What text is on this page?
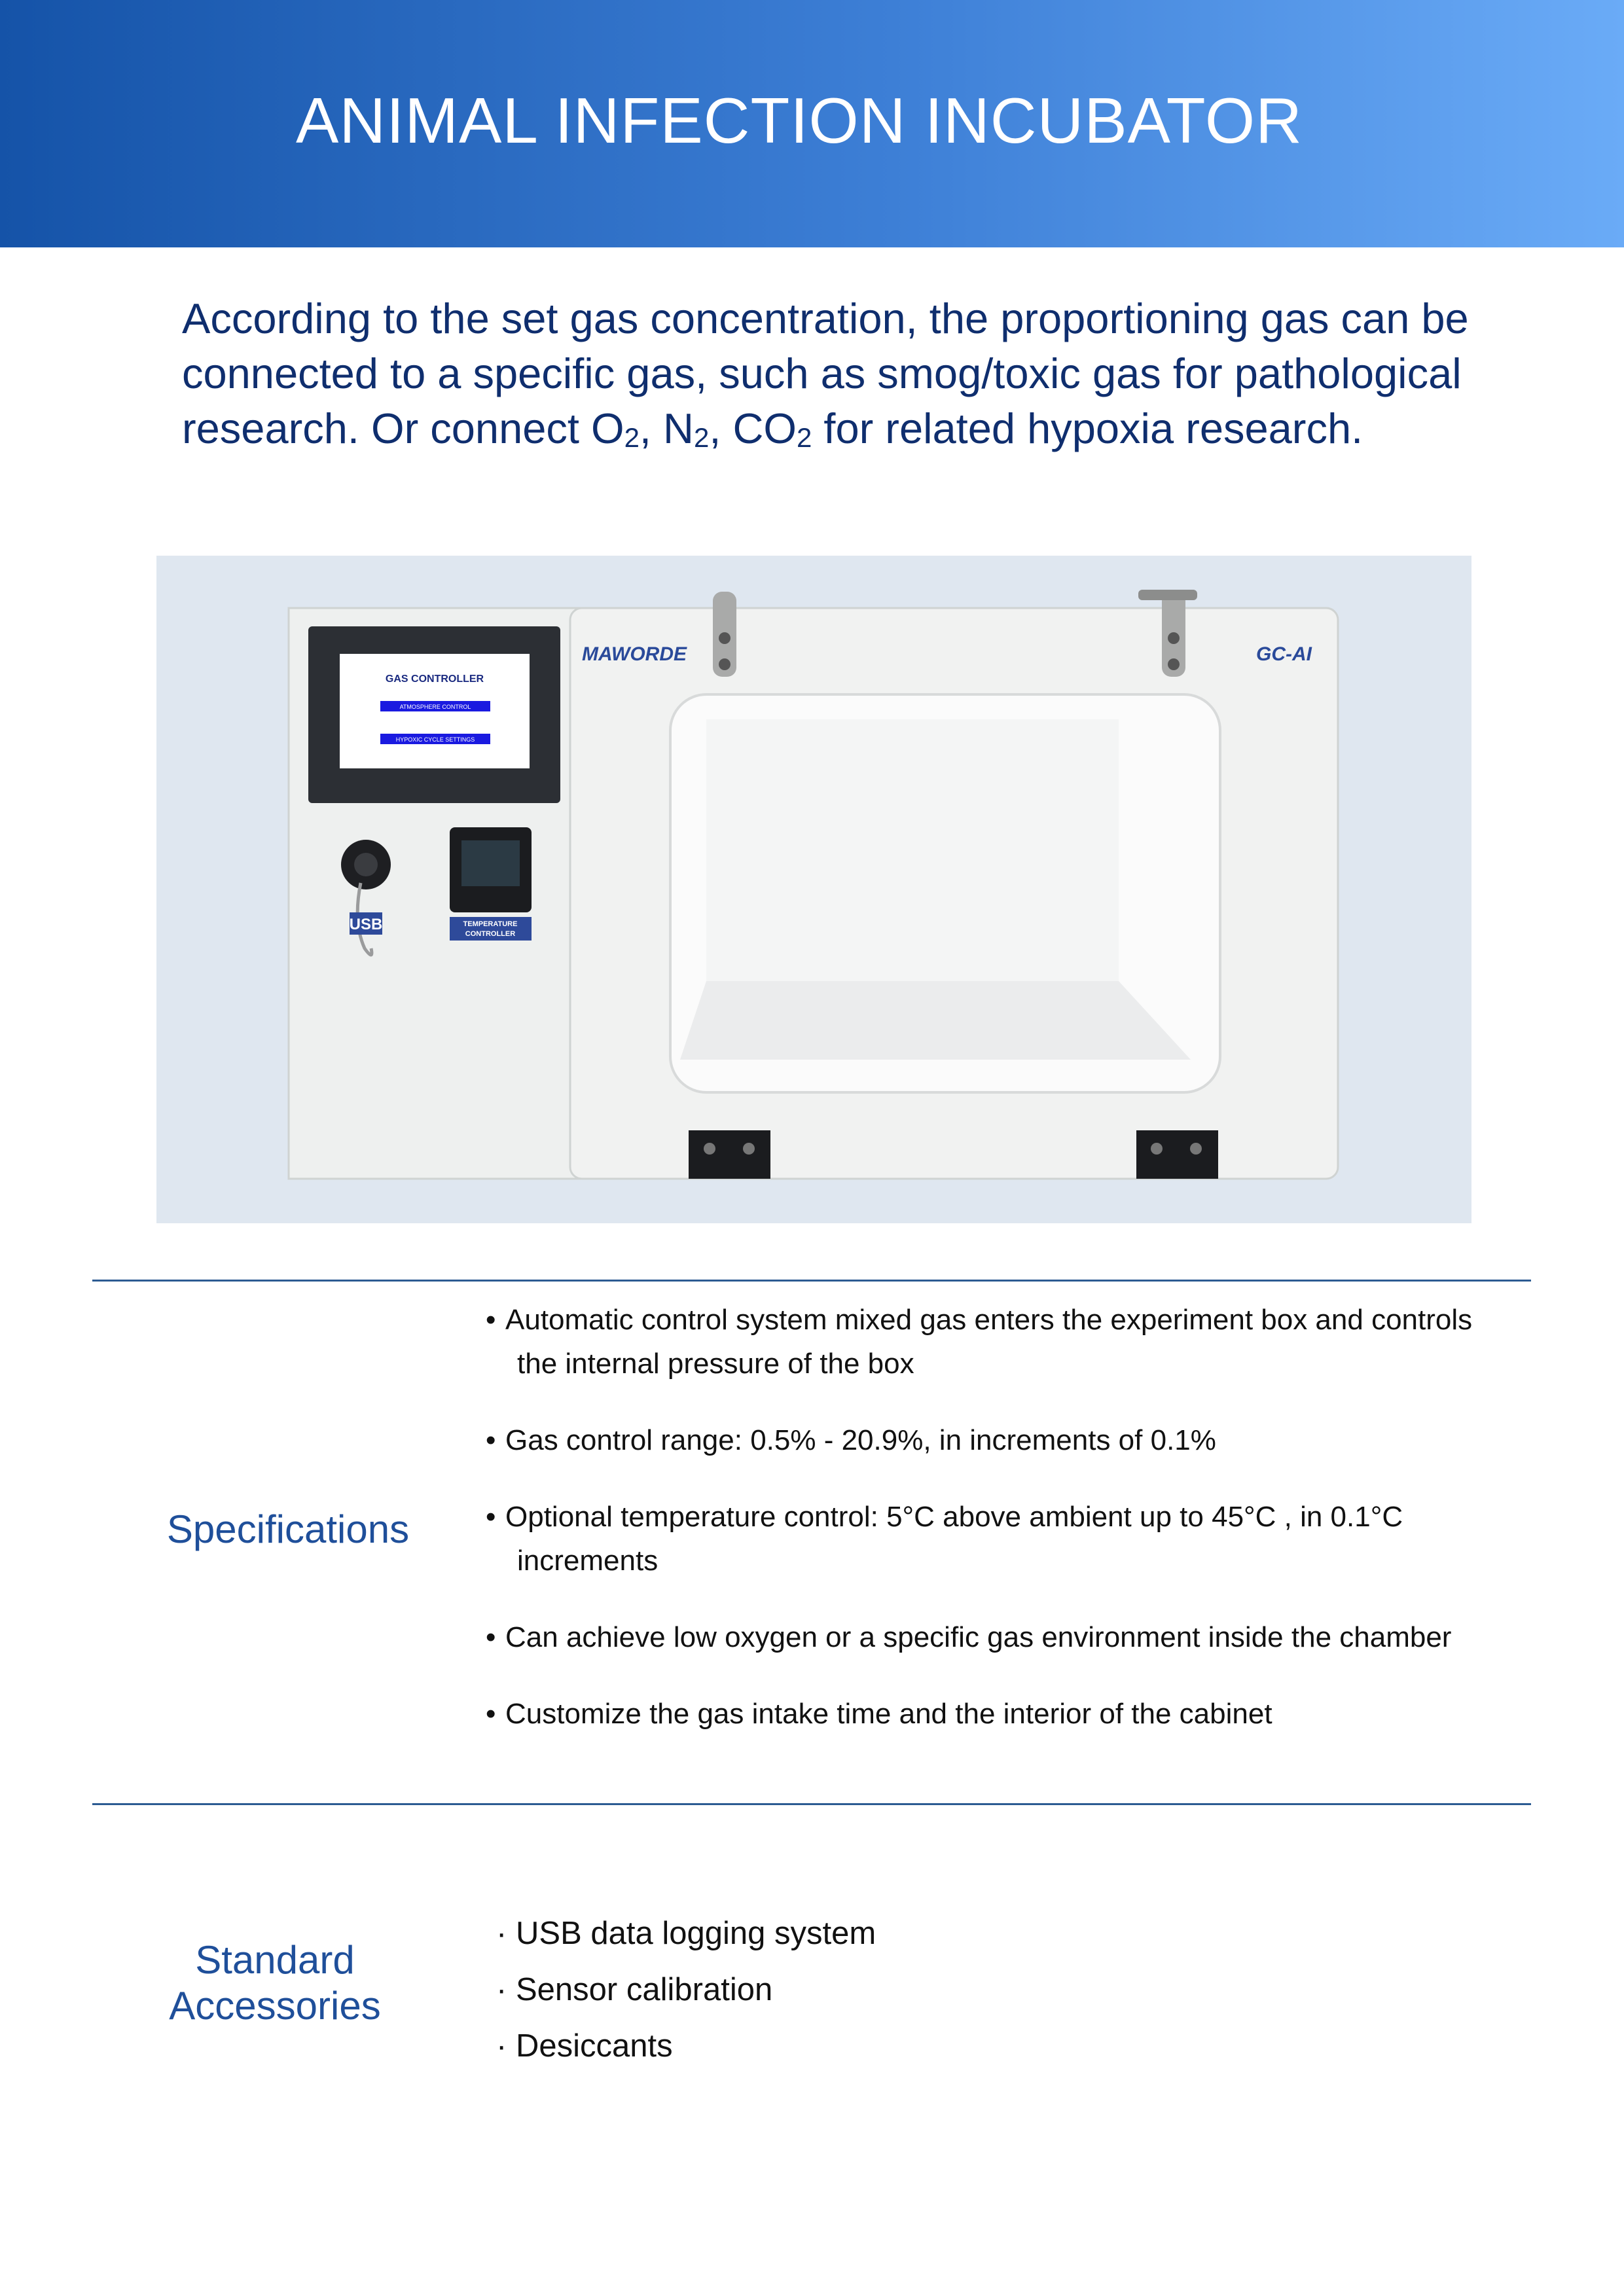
ANIMAL INFECTION INCUBATOR

According to the set gas concentration, the proportioning gas can be connected to a specific gas, such as smog/toxic gas for pathological research. Or connect $O_2$, $N_2$, $CO_2$ for related hypoxia research.

MAWORDE	GC-AI
GAS CONTROLLER
ATMOSPHERE CONTROL
HYPOXIC CYCLE SETTINGS
USB	TEMPERATURE
CONTROLLER
Specifications
• Automatic control system mixed gas enters the experiment box and controls the internal pressure of the box
• Gas control range: 0.5% - 20.9%, in increments of 0.1%
• Optional temperature control: 5°C above ambient up to 45°C , in 0.1°C increments
• Can achieve low oxygen or a specific gas environment inside the chamber
• Customize the gas intake time and the interior of the cabinet
Standard
Accessories
· USB data logging system
· Sensor calibration
· Desiccants
